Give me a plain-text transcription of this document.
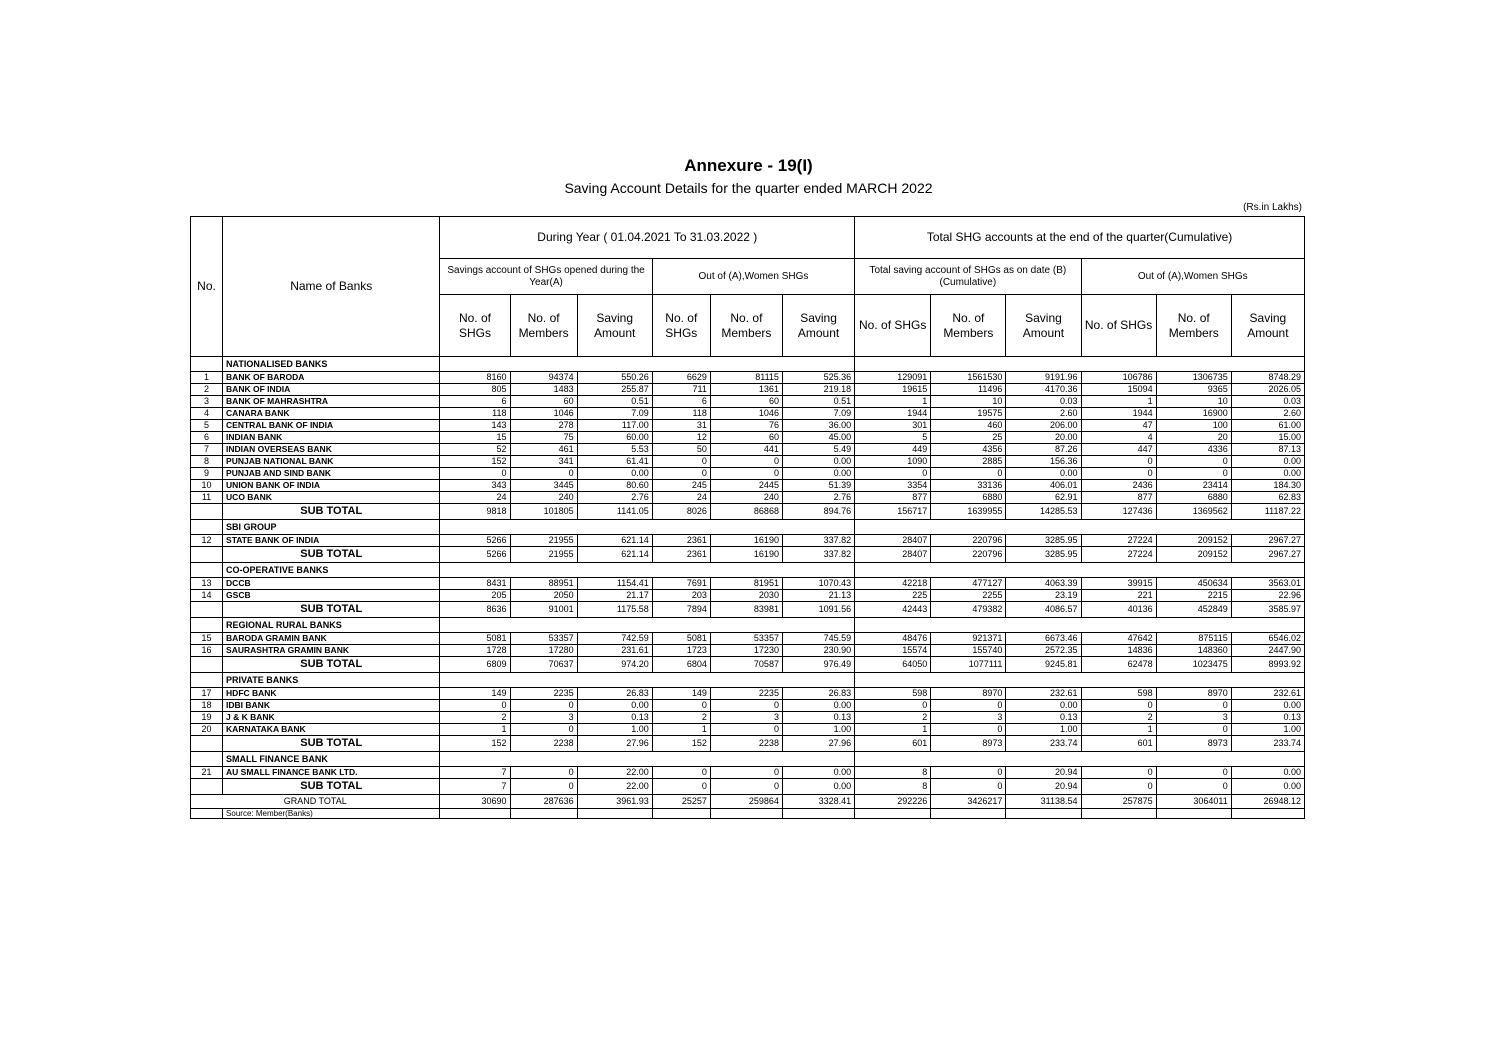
Annexure - 19(I)
Saving Account Details for the quarter ended MARCH 2022
(Rs.in Lakhs)
No.	Name of Banks	During Year ( 01.04.2021 To 31.03.2022 )						Total SHG accounts at the end of the quarter(Cumulative)					
		Savings account of SHGs opened during the Year(A)			Out of (A),Women SHGs			Total saving account of SHGs as on date (B)(Cumulative)			Out of (A),Women SHGs		
		No. of SHGs	No. of Members	Saving Amount	No. of SHGs	No. of Members	Saving Amount	No. of SHGs	No. of Members	Saving Amount	No. of SHGs	No. of Members	Saving Amount
	NATIONALISED BANKS												
1	BANK OF BARODA	8160	94374	550.26	6629	81115	525.36	129091	1561530	9191.96	106786	1306735	8748.29
2	BANK OF INDIA	805	1483	255.87	711	1361	219.18	19615	11496	4170.36	15094	9365	2026.05
3	BANK OF MAHRASHTRA	6	60	0.51	6	60	0.51	1	10	0.03	1	10	0.03
4	CANARA BANK	118	1046	7.09	118	1046	7.09	1944	19575	2.60	1944	16900	2.60
5	CENTRAL BANK OF INDIA	143	278	117.00	31	76	36.00	301	460	206.00	47	100	61.00
6	INDIAN BANK	15	75	60.00	12	60	45.00	5	25	20.00	4	20	15.00
7	INDIAN OVERSEAS BANK	52	461	5.53	50	441	5.49	449	4356	87.26	447	4336	87.13
8	PUNJAB NATIONAL BANK	152	341	61.41	0	0	0.00	1090	2885	156.36	0	0	0.00
9	PUNJAB AND SIND BANK	0	0	0.00	0	0	0.00	0	0	0.00	0	0	0.00
10	UNION BANK OF INDIA	343	3445	80.60	245	2445	51.39	3354	33136	406.01	2436	23414	184.30
11	UCO BANK	24	240	2.76	24	240	2.76	877	6880	62.91	877	6880	62.83
	SUB TOTAL	9818	101805	1141.05	8026	86868	894.76	156717	1639955	14285.53	127436	1369562	11187.22
	SBI GROUP												
12	STATE BANK OF INDIA	5266	21955	621.14	2361	16190	337.82	28407	220796	3285.95	27224	209152	2967.27
	SUB TOTAL	5266	21955	621.14	2361	16190	337.82	28407	220796	3285.95	27224	209152	2967.27
	CO-OPERATIVE BANKS												
13	DCCB	8431	88951	1154.41	7691	81951	1070.43	42218	477127	4063.39	39915	450634	3563.01
14	GSCB	205	2050	21.17	203	2030	21.13	225	2255	23.19	221	2215	22.96
	SUB TOTAL	8636	91001	1175.58	7894	83981	1091.56	42443	479382	4086.57	40136	452849	3585.97
	REGIONAL RURAL BANKS												
15	BARODA GRAMIN BANK	5081	53357	742.59	5081	53357	745.59	48476	921371	6673.46	47642	875115	6546.02
16	SAURASHTRA GRAMIN BANK	1728	17280	231.61	1723	17230	230.90	15574	155740	2572.35	14836	148360	2447.90
	SUB TOTAL	6809	70637	974.20	6804	70587	976.49	64050	1077111	9245.81	62478	1023475	8993.92
	PRIVATE BANKS												
17	HDFC BANK	149	2235	26.83	149	2235	26.83	598	8970	232.61	598	8970	232.61
18	IDBI BANK	0	0	0.00	0	0	0.00	0	0	0.00	0	0	0.00
19	J & K BANK	2	3	0.13	2	3	0.13	2	3	0.13	2	3	0.13
20	KARNATAKA BANK	1	0	1.00	1	0	1.00	1	0	1.00	1	0	1.00
	SUB TOTAL	152	2238	27.96	152	2238	27.96	601	8973	233.74	601	8973	233.74
	SMALL FINANCE BANK												
21	AU SMALL FINANCE BANK LTD.	7	0	22.00	0	0	0.00	8	0	20.94	0	0	0.00
	SUB TOTAL	7	0	22.00	0	0	0.00	8	0	20.94	0	0	0.00
GRAND TOTAL		30690	287636	3961.93	25257	259864	3328.41	292226	3426217	31138.54	257875	3064011	26948.12
	Source: Member(Banks)												
